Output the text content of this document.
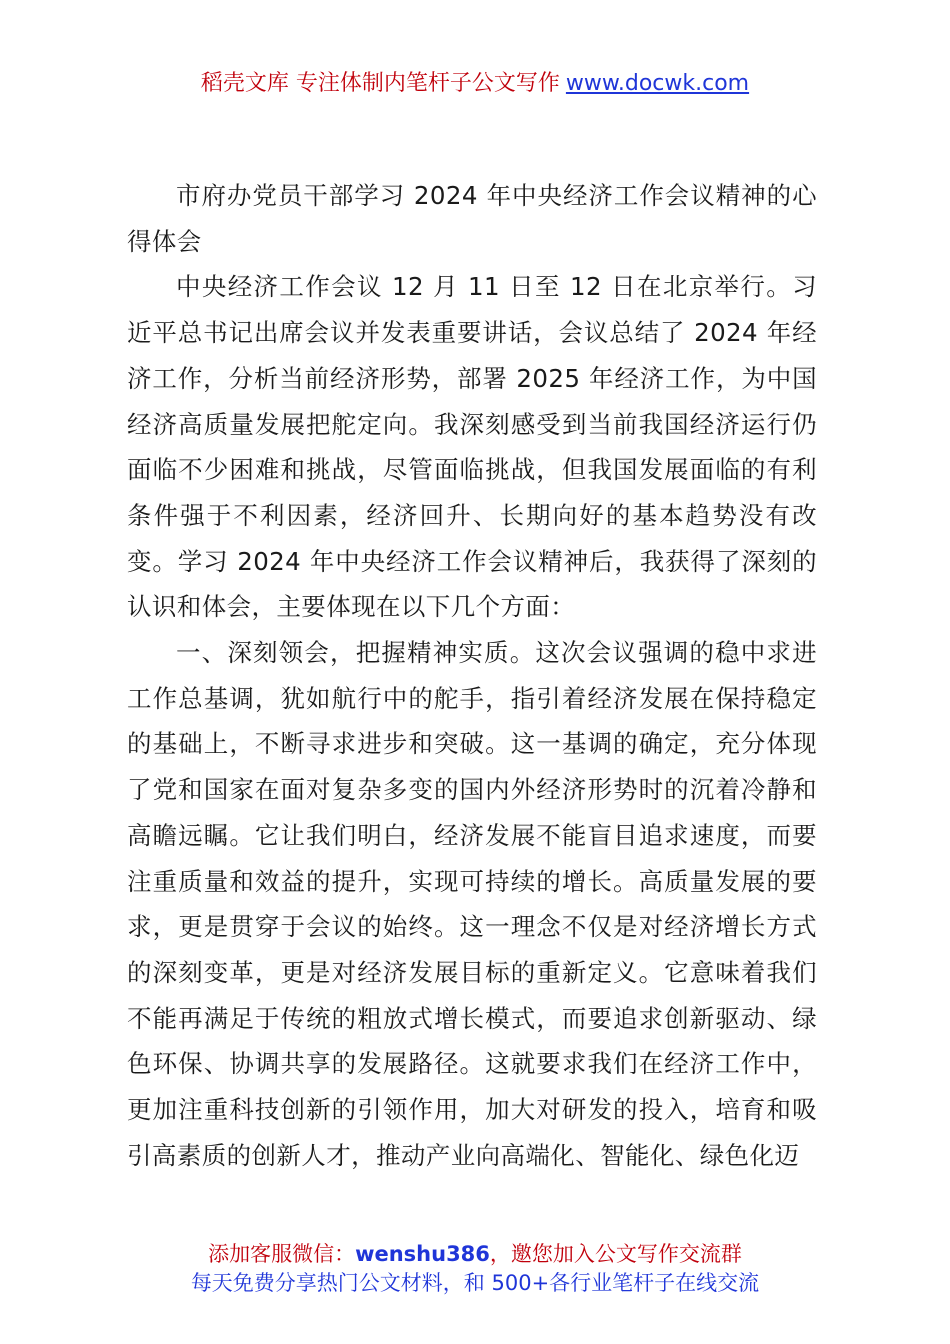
稻壳文库 专注体制内笔杆子公文写作 www.docwk.com

市府办党员干部学习 2024 年中央经济工作会议精神的心得体会

中央经济工作会议 12 月 11 日至 12 日在北京举行。习近平总书记出席会议并发表重要讲话，会议总结了 2024 年经济工作，分析当前经济形势，部署 2025 年经济工作，为中国经济高质量发展把舵定向。我深刻感受到当前我国经济运行仍面临不少困难和挑战，尽管面临挑战，但我国发展面临的有利条件强于不利因素，经济回升、长期向好的基本趋势没有改变。学习 2024 年中央经济工作会议精神后，我获得了深刻的认识和体会，主要体现在以下几个方面：

一、深刻领会，把握精神实质。这次会议强调的稳中求进工作总基调，犹如航行中的舵手，指引着经济发展在保持稳定的基础上，不断寻求进步和突破。这一基调的确定，充分体现了党和国家在面对复杂多变的国内外经济形势时的沉着冷静和高瞻远瞩。它让我们明白，经济发展不能盲目追求速度，而要注重质量和效益的提升，实现可持续的增长。高质量发展的要求，更是贯穿于会议的始终。这一理念不仅是对经济增长方式的深刻变革，更是对经济发展目标的重新定义。它意味着我们不能再满足于传统的粗放式增长模式，而要追求创新驱动、绿色环保、协调共享的发展路径。这就要求我们在经济工作中，更加注重科技创新的引领作用，加大对研发的投入，培育和吸引高素质的创新人才，推动产业向高端化、智能化、绿色化迈

添加客服微信：wenshu386，邀您加入公文写作交流群
每天免费分享热门公文材料，和 500+各行业笔杆子在线交流
